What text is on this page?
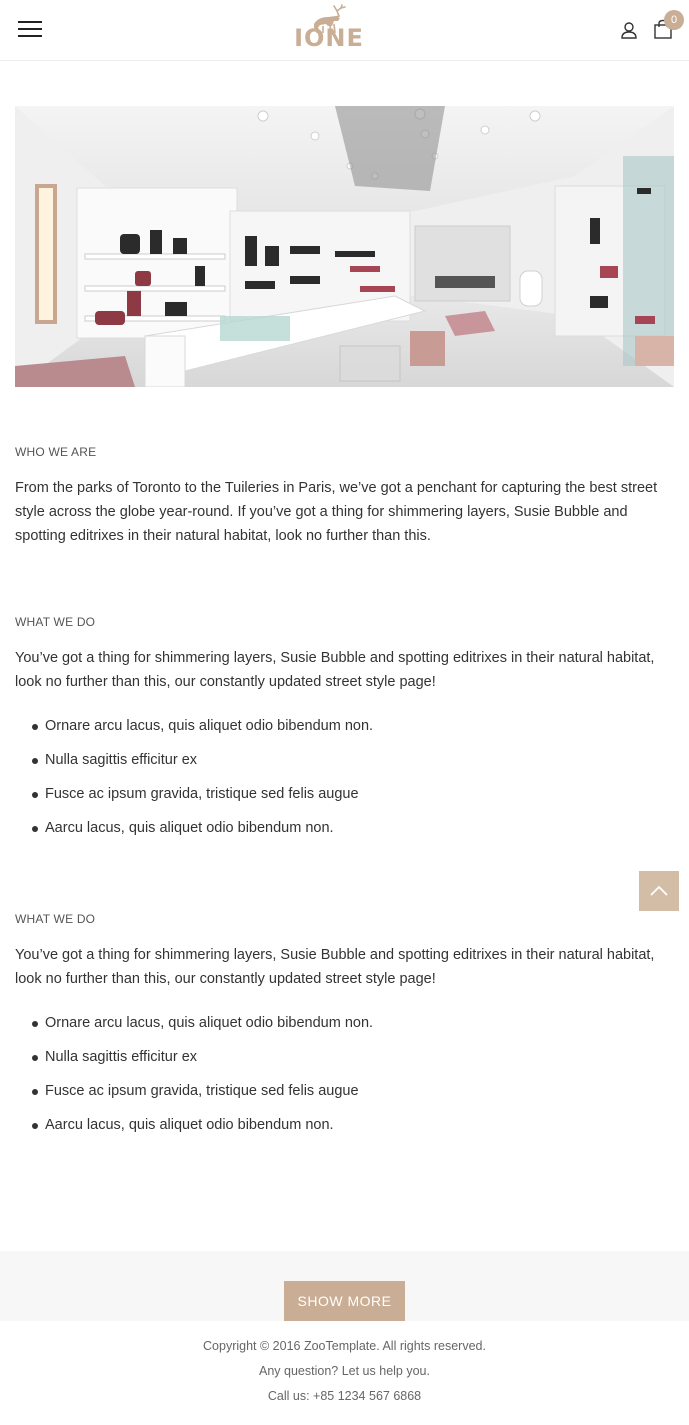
IONE
0
WHO WE ARE
From the parks of Toronto to the Tuileries in Paris, we’ve got a penchant for capturing the best street style across the globe year-round. If you’ve got a thing for shimmering layers, Susie Bubble and spotting editrixes in their natural habitat, look no further than this.
WHAT WE DO
You’ve got a thing for shimmering layers, Susie Bubble and spotting editrixes in their natural habitat, look no further than this, our constantly updated street style page!
Ornare arcu lacus, quis aliquet odio bibendum non.
Nulla sagittis efficitur ex
Fusce ac ipsum gravida, tristique sed felis augue
Aarcu lacus, quis aliquet odio bibendum non.
WHAT WE DO
You’ve got a thing for shimmering layers, Susie Bubble and spotting editrixes in their natural habitat, look no further than this, our constantly updated street style page!
Ornare arcu lacus, quis aliquet odio bibendum non.
Nulla sagittis efficitur ex
Fusce ac ipsum gravida, tristique sed felis augue
Aarcu lacus, quis aliquet odio bibendum non.
SHOW MORE
Copyright © 2016 ZooTemplate. All rights reserved.
Any question? Let us help you.
Call us: +85 1234 567 6868
